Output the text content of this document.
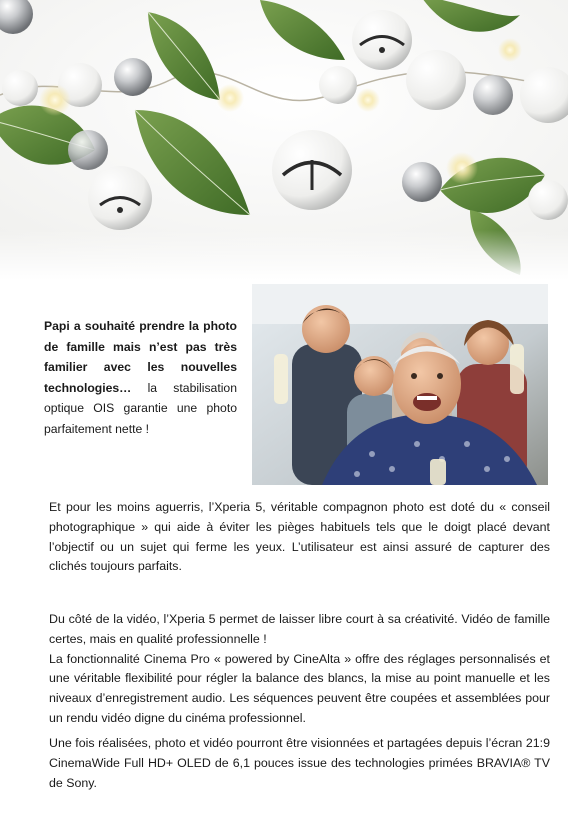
Papi a souhaité prendre la photo de famille mais n’est pas très familier avec les nouvelles technologies… la stabilisation optique OIS garantie une photo parfaitement nette !

Et pour les moins aguerris, l’Xperia 5, véritable compagnon photo est doté du « conseil photographique » qui aide à éviter les pièges habituels tels que le doigt placé devant l’objectif ou un sujet qui ferme les yeux. L’utilisateur est ainsi assuré de capturer des clichés toujours parfaits.

Du côté de la vidéo, l’Xperia 5 permet de laisser libre court à sa créativité. Vidéo de famille certes, mais en qualité professionnelle !
La fonctionnalité Cinema Pro « powered by CineAlta » offre des réglages personnalisés et une véritable flexibilité pour régler la balance des blancs, la mise au point manuelle et les niveaux d’enregistrement audio. Les séquences peuvent être coupées et assemblées pour un rendu vidéo digne du cinéma professionnel.

Une fois réalisées, photo et vidéo pourront être visionnées et partagées depuis l’écran 21:9 CinemaWide Full HD+ OLED de 6,1 pouces issue des technologies primées BRAVIA® TV de Sony.
